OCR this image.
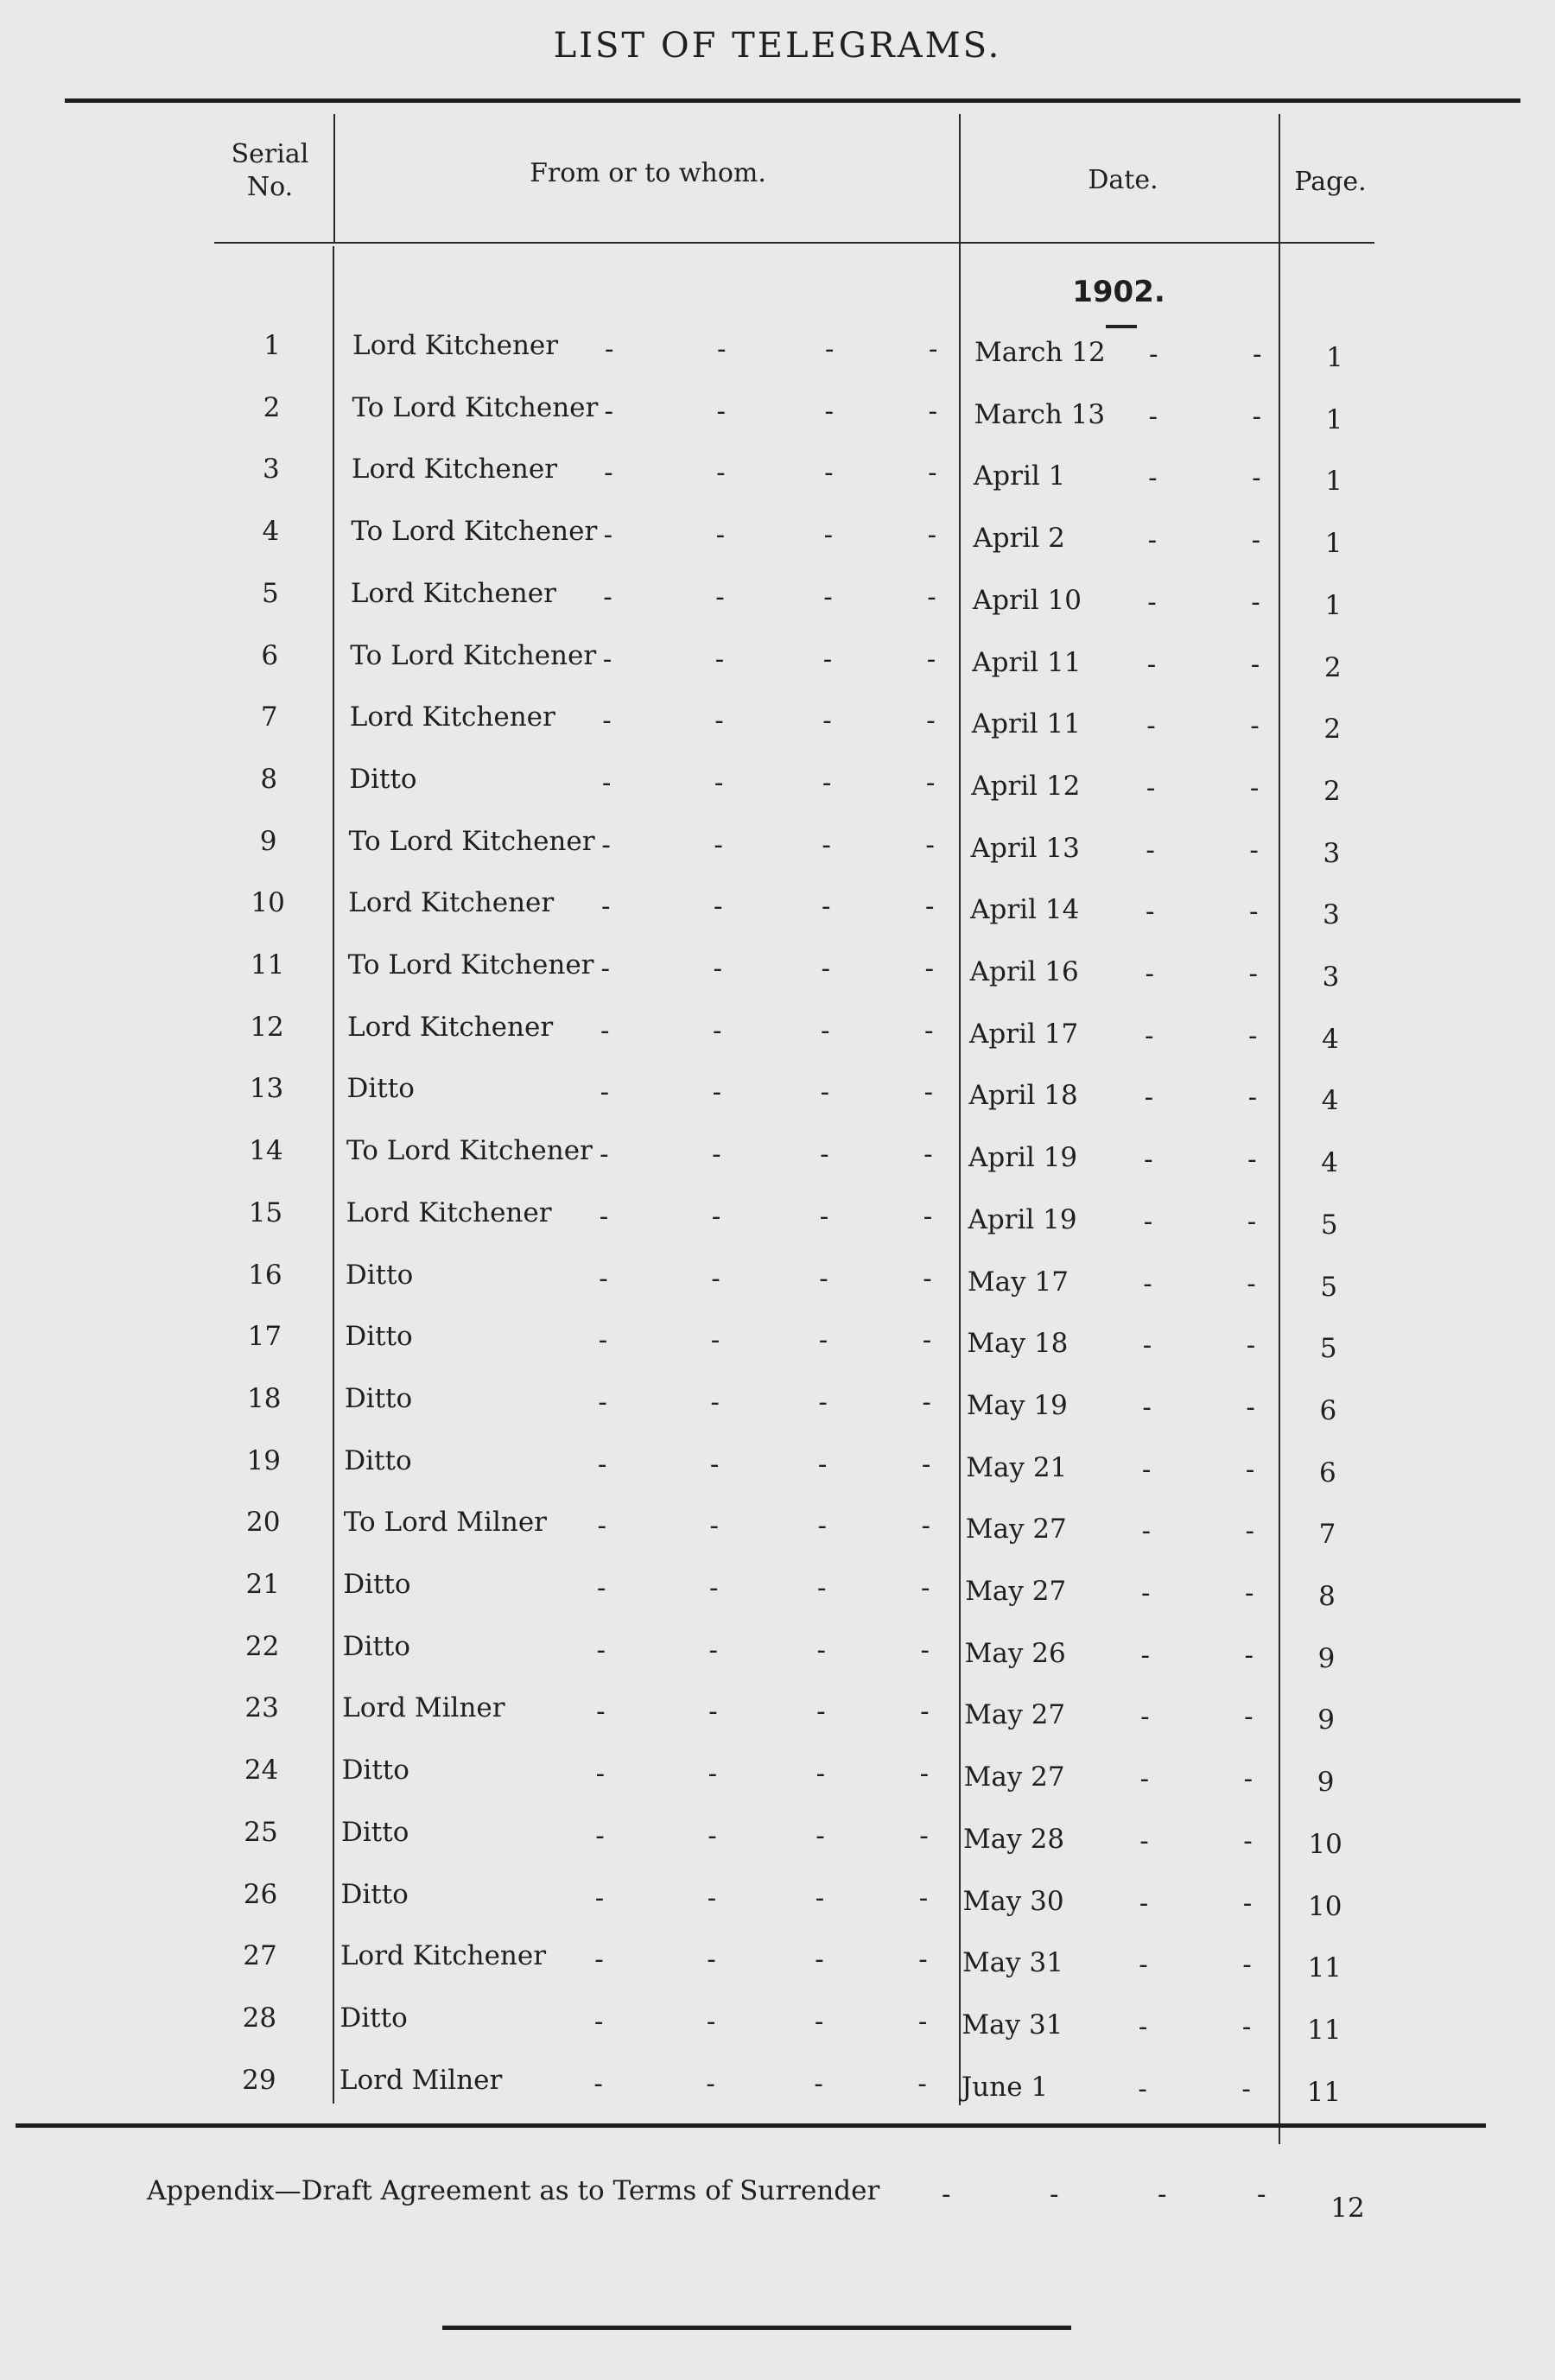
LIST OF TELEGRAMS.
Serial No.	From or to whom.	Date.	Page.
1902.
1	Lord Kitchener -	-	-	- March 12 -	-	1
2	To Lord Kitchener -	-	-	- March 13 -	-	1
3	Lord Kitchener -	-	-	- April 1	-	-	1
4	To Lord Kitchener -	-	-	- April 2	-	-	1
5	Lord Kitchener -	-	-	- April 10 -	-	1
6	To Lord Kitchener -	-	-	- April 11 -	-	2
7	Lord Kitchener -	-	-	- April 11 -	-	2
8	Ditto	-	-	-	- April 12 -	-	2
9	To Lord Kitchener -	-	-	- April 13 -	-	3
10	Lord Kitchener -	-	-	- April 14 -	-	3
11	To Lord Kitchener -	-	-	- April 16 -	-	3
12	Lord Kitchener -	-	-	- April 17 -	-	4
13	Ditto	-	-	-	- April 18 -	-	4
14	To Lord Kitchener -	-	-	- April 19 -	-	4
15	Lord Kitchener -	-	-	- April 19 -	-	5
16	Ditto	-	-	-	- May 17	-	-	5
17	Ditto	-	-	-	- May 18	-	-	5
18	Ditto	-	-	-	- May 19	-	-	6
19	Ditto	-	-	-	- May 21	-	-	6
20	To Lord Milner -	-	-	- May 27	-	-	7
21	Ditto	-	-	-	- May 27	-	-	8
22	Ditto	-	-	-	- May 26	-	-	9
23	Lord Milner	-	-	-	- May 27	-	-	9
24	Ditto	-	-	-	- May 27	-	-	9
25	Ditto	-	-	-	- May 28	-	-	10
26	Ditto	-	-	-	- May 30	-	-	10
27	Lord Kitchener -	-	-	- May 31	-	-	11
28	Ditto	-	-	-	- May 31	-	-	11
29	Lord Milner	-	-	-	- June 1	-	-	11
Appendix—Draft Agreement as to Terms of Surrender -	-	-	-	12
